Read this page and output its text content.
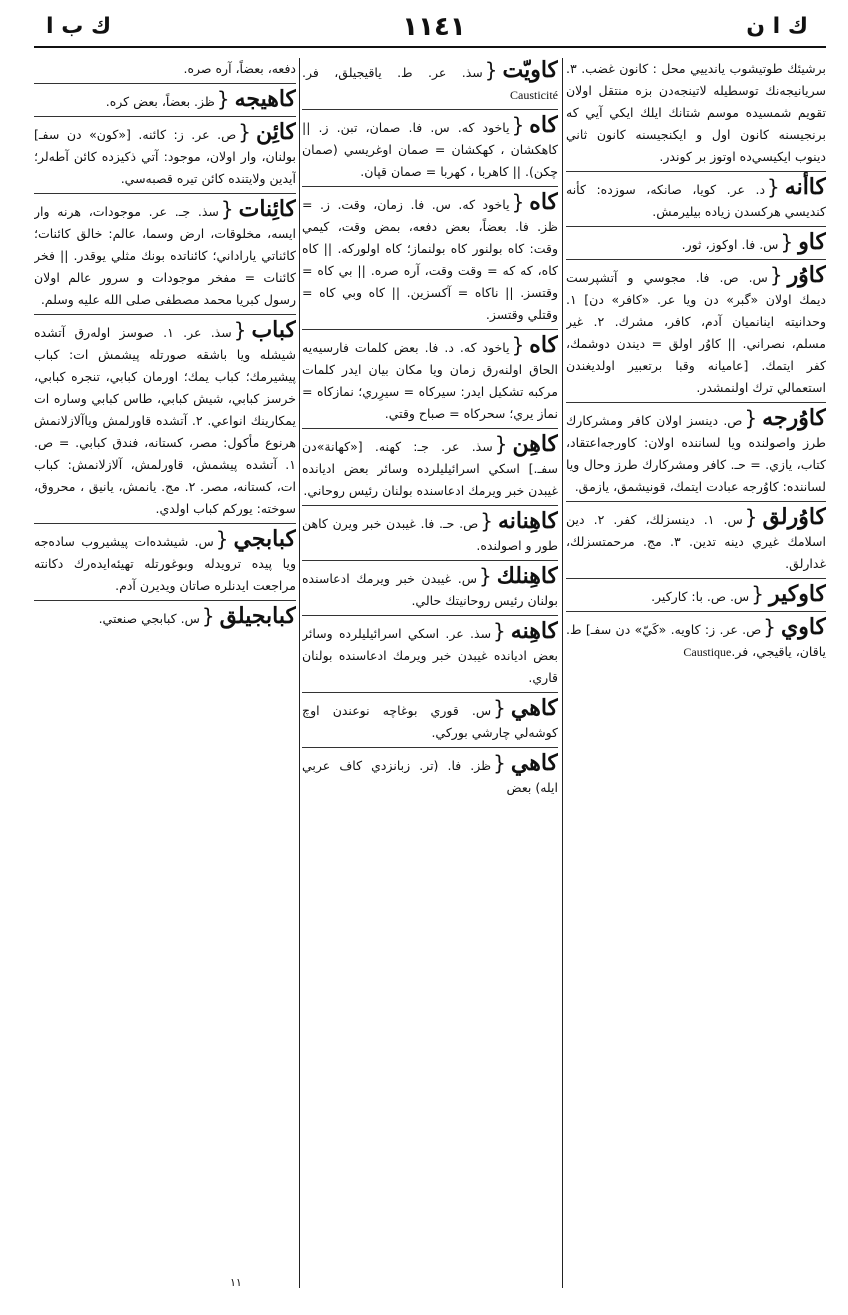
ك ب ا	١١٤١	ك ا ن
برشيئك طوتيشوب ياندييي محل : كانون غضب. ٣. سريانيجه‌نك توسطيله لاتينجه‌دن بزه منتقل اولان تقويم شمسيده موسم شتانك ايلك ايكي آيي كه برنجيسنه كانون اول و ايكنجيسنه كانون ثاني دينوب ايكيسي‌ده اوتوز بر كوندر.
كاأنه{د. عر. كويا، صانكه، سوزده: كأنه كنديسي هركسدن زياده بيليرمش.
كاو{س. فا. اوكوز، ثور.
كاوُر{س. ص. فا. مجوسي و آتشپرست ديمك اولان «گبر» دن ويا عر. «كافر» دن] ١. وحدانيته اينانميان آدم، كافر، مشرك. ٢. غير مسلم، نصراني. || كاوُر اولق = ديندن دوشمك، كفر ايتمك. [عاميانه وقبا برتعبير اولديغندن استعمالي ترك اولنمشدر.
كاوُرجه{ص. دينسز اولان كافر ومشركارك طرز واصولنده ويا لساننده اولان: كاورجه‌اعتقاد، كتاب، يازي. = حـ. كافر ومشركارك طرز وحال ويا لساننده: كاوُرجه عبادت ايتمك، قونيشمق، يازمق.
كاوُرلق{س. ١. دينسزلك، كفر. ٢. دين اسلامك غيري دينه تدين. ٣. مج. مرحمتسزلك، غدارلق.
كاوكير{س. ص. با: كاركير.
كاوي{ص. عر. ز: كاويه. «كَيّ» دن سفـ] ط. ياقان، ياقيجي، فر. Caustique
كاويّت{سذ. عر. ط. ياقيجيلق، فر. Causticité
كاه{ياخود كه. س. فا. صمان، تبن. ز. || كاهكشان ، كهكشان = صمان اوغريسي (صمان چكن). || كاهربا ، كهربا = صمان قپان.
كاه{ياخود كه. س. فا. زمان، وقت. ز. = ظز. فا. بعضاً، بعض دفعه، بمض وقت، كيمي وقت: كاه بولنور كاه بولنماز؛ كاه اولوركه. || كاه كاه، كه كه = وقت وقت، آره صره. || بي كاه = وقتسز. || ناكاه = آكسزين. || كاه وبي كاه = وقتلي وقتسز.
كاه{ياخود كه. د. فا. بعض كلمات فارسيه‌يه الحاق اولنه‌رق زمان ويا مكان بيان ايدر كلمات مركبه تشكيل ايدر: سيركاه = سيرِري؛ نمازكاه = نماز يري؛ سحركاه = صباح وقتي.
كاهِن{سذ. عر. جـ: كهنه. [«كهانة»دن سفـ.] اسكي اسرائيليلرده وسائر بعض اديانده غيبدن خبر ويرمك ادعاسنده بولنان رئيس روحاني.
كاهِنانه{ص. حـ. فا. غيبدن خبر ويرن كاهن طور و اصولنده.
كاهِنلك{س. غيبدن خبر ويرمك ادعاسنده بولنان رئيس روحانيتك حالي.
كاهِنه{سذ. عر. اسكي اسرائيليلرده وسائر بعض اديانده غيبدن خبر ويرمك ادعاسنده بولنان قاري.
كاهي{س. قوري بوغاچه نوعندن اوچ كوشه‌لي چارشي بوركي.
كاهي{ظز. فا. (تر. زبانزدي كاف عربي ايله) بعض
دفعه، بعضاً، آره صره.
كاهيجه{ظز. بعضاً، بعض كره.
كائِن{ص. عر. ز: كائنه. [«كون» دن سفـ] بولنان، وار اولان، موجود: آتي ذكيزده كائن آطه‌لر؛ آيدين ولايتنده كائن تيره قصبه‌سي.
كائِنات{سذ. جـ. عر. موجودات، هرنه وار ايسه، مخلوقات، ارض وسما، عالم: خالق كائنات؛ كائناتي ياراداني؛ كائناتده بونك مثلي يوقدر. || فخر كائنات = مفخر موجودات و سرور عالم اولان رسول كبريا محمد مصطفى صلى الله عليه وسلم.
كباب{سذ. عر. ١. صوسز اوله‌رق آتشده شيشله ويا باشقه صورتله پيشمش ات: كباب پيشيرمك؛ كباب يمك؛ اورمان كبابي، تنجره كبابي، خرسز كبابي، شيش كبابي، طاس كبابي وساره ات يمكارينك انواعي. ٢. آتشده قاورلمش وياآلازلانمش هرنوع مأكول: مصر، كستانه، فندق كبابي. = ص. ١. آتشده پيشمش، قاورلمش، آلازلانمش: كباب ات، كستانه، مصر. ٢. مج. يانمش، يانيق ، محروق، سوخته: يوركم كباب اولدي.
كبابجي{س. شيشده‌ات پيشيروب ساده‌جه ويا پيده ترويدله وبوغورتله تهيئه‌ايده‌رك دكانته مراجعت ايدنلره صاتان ويديرن آدم.
كبابجيلق{س. كبابجي صنعتي.
١١
